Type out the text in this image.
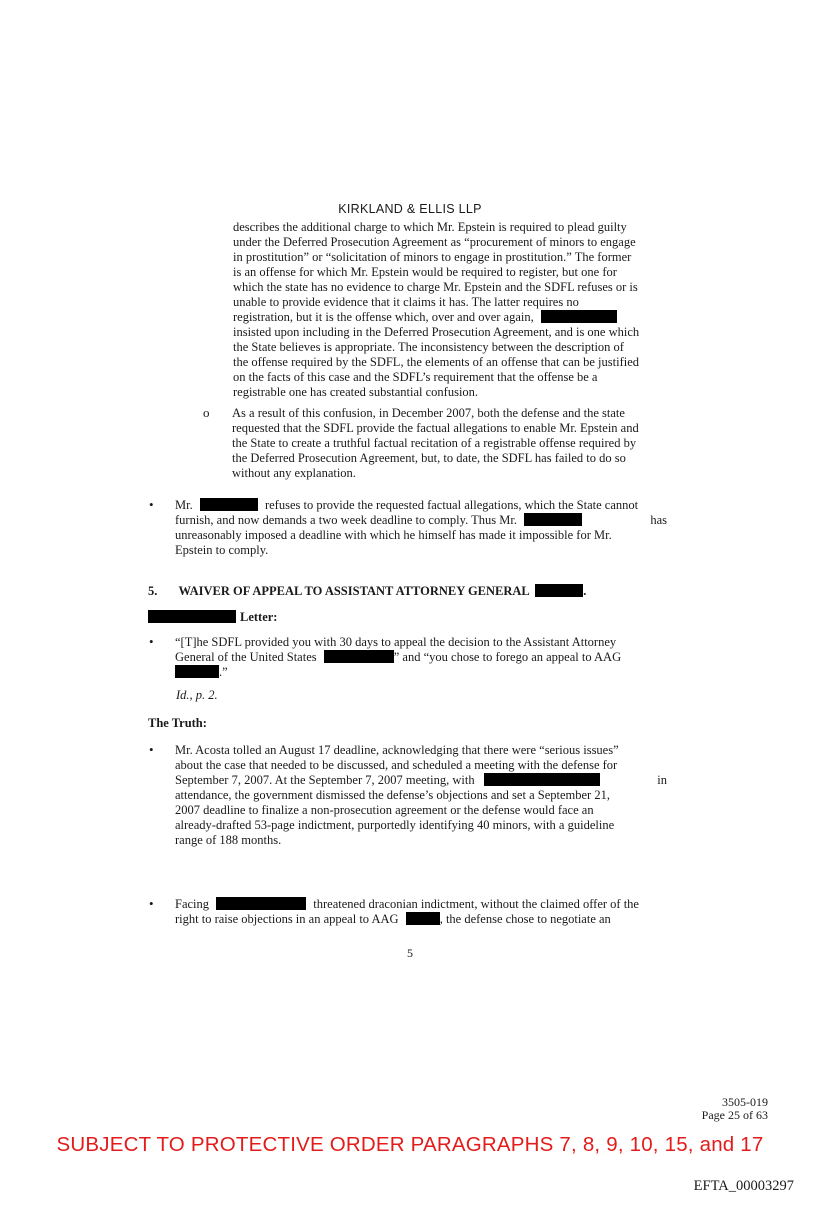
KIRKLAND & ELLIS LLP
describes the additional charge to which Mr. Epstein is required to plead guilty
under the Deferred Prosecution Agreement as “procurement of minors to engage
in prostitution” or “solicitation of minors to engage in prostitution.” The former
is an offense for which Mr. Epstein would be required to register, but one for
which the state has no evidence to charge Mr. Epstein and the SDFL refuses or is
unable to provide evidence that it claims it has. The latter requires no
registration, but it is the offense which, over and over again,
insisted upon including in the Deferred Prosecution Agreement, and is one which
the State believes is appropriate. The inconsistency between the description of
the offense required by the SDFL, the elements of an offense that can be justified
on the facts of this case and the SDFL’s requirement that the offense be a
registrable one has created substantial confusion.
o As a result of this confusion, in December 2007, both the defense and the state
requested that the SDFL provide the factual allegations to enable Mr. Epstein and
the State to create a truthful factual recitation of a registrable offense required by
the Deferred Prosecution Agreement, but, to date, the SDFL has failed to do so
without any explanation.
• Mr.	refuses to provide the requested factual allegations, which the State cannot
furnish, and now demands a two week deadline to comply. Thus Mr.	has
unreasonably imposed a deadline with which he himself has made it impossible for Mr.
Epstein to comply.
5. WAIVER OF APPEAL TO ASSISTANT ATTORNEY GENERAL	.
Letter:
• “[T]he SDFL provided you with 30 days to appeal the decision to the Assistant Attorney
General of the United States	” and “you chose to forego an appeal to AAG
.”
Id., p. 2.
The Truth:
• Mr. Acosta tolled an August 17 deadline, acknowledging that there were “serious issues”
about the case that needed to be discussed, and scheduled a meeting with the defense for
September 7, 2007. At the September 7, 2007 meeting, with	in
attendance, the government dismissed the defense’s objections and set a September 21,
2007 deadline to finalize a non-prosecution agreement or the defense would face an
already-drafted 53-page indictment, purportedly identifying 40 minors, with a guideline
range of 188 months.
• Facing	threatened draconian indictment, without the claimed offer of the
right to raise objections in an appeal to AAG	, the defense chose to negotiate an
5
3505-019
Page 25 of 63
SUBJECT TO PROTECTIVE ORDER PARAGRAPHS 7, 8, 9, 10, 15, and 17
EFTA_00003297
